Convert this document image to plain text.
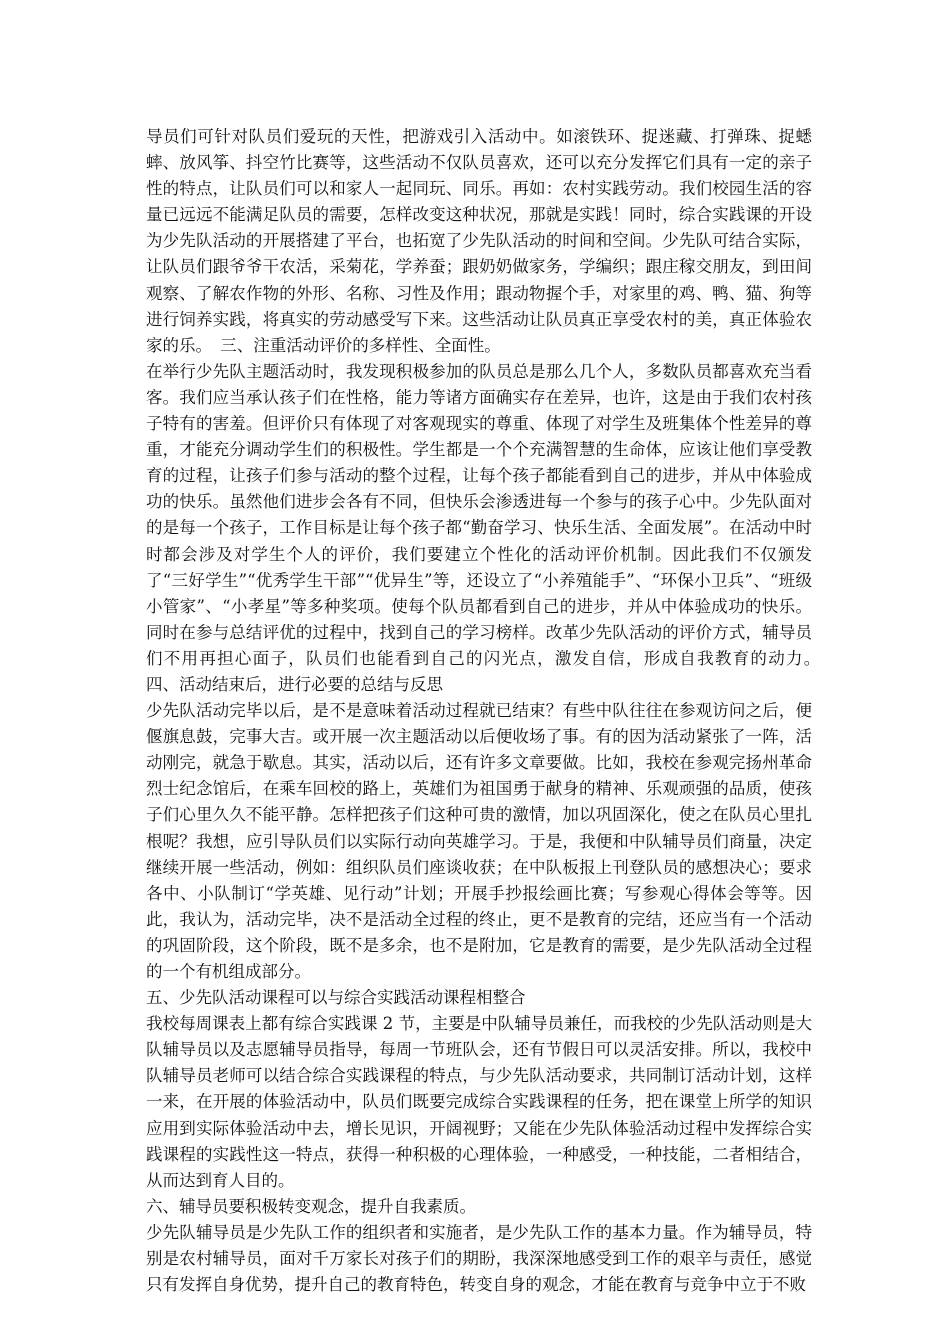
导员们可针对队员们爱玩的天性，把游戏引入活动中。如滚铁环、捉迷藏、打弹珠、捉蟋蟀、放风筝、抖空竹比赛等，这些活动不仅队员喜欢，还可以充分发挥它们具有一定的亲子性的特点，让队员们可以和家人一起同玩、同乐。再如：农村实践劳动。我们校园生活的容量已远远不能满足队员的需要，怎样改变这种状况，那就是实践！同时，综合实践课的开设为少先队活动的开展搭建了平台，也拓宽了少先队活动的时间和空间。少先队可结合实际，让队员们跟爷爷干农活，采菊花，学养蚕；跟奶奶做家务，学编织；跟庄稼交朋友，到田间观察、了解农作物的外形、名称、习性及作用；跟动物握个手，对家里的鸡、鸭、猫、狗等进行饲养实践，将真实的劳动感受写下来。这些活动让队员真正享受农村的美，真正体验农家的乐。　三、注重活动评价的多样性、全面性。

在举行少先队主题活动时，我发现积极参加的队员总是那么几个人，多数队员都喜欢充当看客。我们应当承认孩子们在性格，能力等诸方面确实存在差异，也许，这是由于我们农村孩子特有的害羞。但评价只有体现了对客观现实的尊重、体现了对学生及班集体个性差异的尊重，才能充分调动学生们的积极性。学生都是一个个充满智慧的生命体，应该让他们享受教育的过程，让孩子们参与活动的整个过程，让每个孩子都能看到自己的进步，并从中体验成功的快乐。虽然他们进步会各有不同，但快乐会渗透进每一个参与的孩子心中。少先队面对的是每一个孩子，工作目标是让每个孩子都“勤奋学习、快乐生活、全面发展”。在活动中时时都会涉及对学生个人的评价，我们要建立个性化的活动评价机制。因此我们不仅颁发了“三好学生”“优秀学生干部”“优异生”等，还设立了“小养殖能手”、“环保小卫兵”、“班级小管家”、“小孝星”等多种奖项。使每个队员都看到自己的进步，并从中体验成功的快乐。同时在参与总结评优的过程中，找到自己的学习榜样。改革少先队活动的评价方式，辅导员们不用再担心面子，队员们也能看到自己的闪光点，激发自信，形成自我教育的动力。　四、活动结束后，进行必要的总结与反思

少先队活动完毕以后，是不是意味着活动过程就已结束？有些中队往往在参观访问之后，便偃旗息鼓，完事大吉。或开展一次主题活动以后便收场了事。有的因为活动紧张了一阵，活动刚完，就急于歇息。其实，活动以后，还有许多文章要做。比如，我校在参观完扬州革命烈士纪念馆后，在乘车回校的路上，英雄们为祖国勇于献身的精神、乐观顽强的品质，使孩子们心里久久不能平静。怎样把孩子们这种可贵的激情，加以巩固深化，使之在队员心里扎根呢？我想，应引导队员们以实际行动向英雄学习。于是，我便和中队辅导员们商量，决定继续开展一些活动，例如：组织队员们座谈收获；在中队板报上刊登队员的感想决心；要求各中、小队制订“学英雄、见行动”计划；开展手抄报绘画比赛；写参观心得体会等等。因此，我认为，活动完毕，决不是活动全过程的终止，更不是教育的完结，还应当有一个活动的巩固阶段，这个阶段，既不是多余，也不是附加，它是教育的需要，是少先队活动全过程的一个有机组成部分。

五、少先队活动课程可以与综合实践活动课程相整合

我校每周课表上都有综合实践课 2 节，主要是中队辅导员兼任，而我校的少先队活动则是大队辅导员以及志愿辅导员指导，每周一节班队会，还有节假日可以灵活安排。所以，我校中队辅导员老师可以结合综合实践课程的特点，与少先队活动要求，共同制订活动计划，这样一来，在开展的体验活动中，队员们既要完成综合实践课程的任务，把在课堂上所学的知识应用到实际体验活动中去，增长见识，开阔视野；又能在少先队体验活动过程中发挥综合实践课程的实践性这一特点，获得一种积极的心理体验，一种感受，一种技能，二者相结合，从而达到育人目的。

六、辅导员要积极转变观念，提升自我素质。

少先队辅导员是少先队工作的组织者和实施者，是少先队工作的基本力量。作为辅导员，特别是农村辅导员，面对千万家长对孩子们的期盼，我深深地感受到工作的艰辛与责任，感觉只有发挥自身优势，提升自己的教育特色，转变自身的观念，才能在教育与竞争中立于不败
